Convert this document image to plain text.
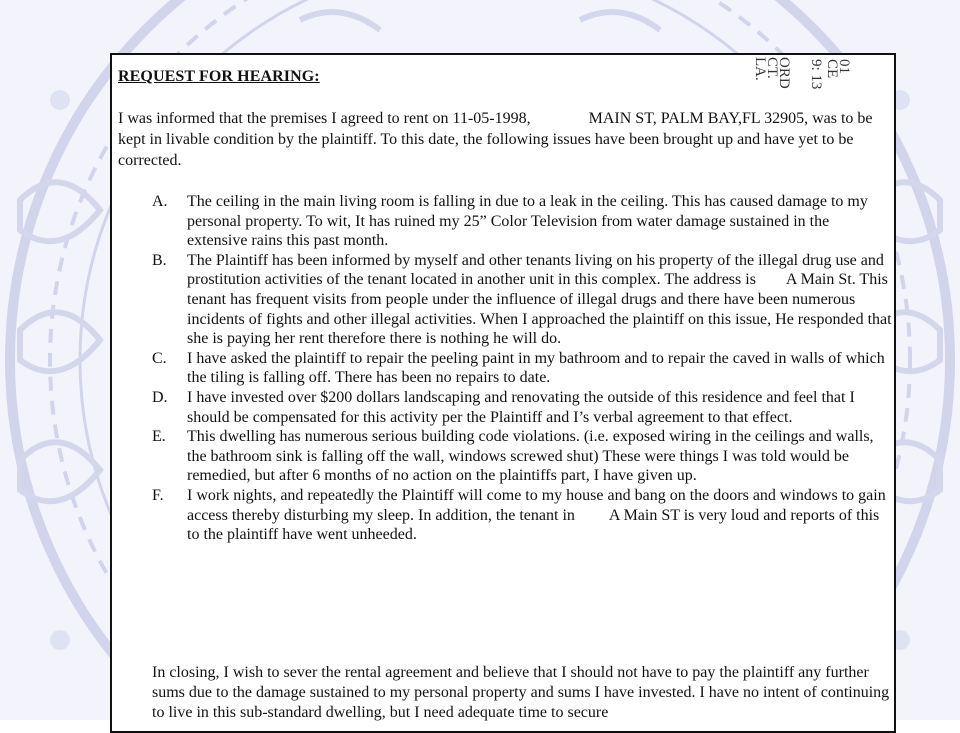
CE
01
9: 13
ORD
CT.
LA.
REQUEST FOR HEARING:

I was informed that the premises I agreed to rent on 11-05-1998,	MAIN ST, PALM BAY,FL 32905, was to be kept in livable condition by the plaintiff. To this date, the following issues have been brought up and have yet to be corrected.

A. The ceiling in the main living room is falling in due to a leak in the ceiling. This has caused damage to my personal property. To wit, It has ruined my 25” Color Television from water damage sustained in the extensive rains this past month.
B. The Plaintiff has been informed by myself and other tenants living on his property of the illegal drug use and prostitution activities of the tenant located in another unit in this complex. The address is A Main St. This tenant has frequent visits from people under the influence of illegal drugs and there have been numerous incidents of fights and other illegal activities. When I approached the plaintiff on this issue, He responded that she is paying her rent therefore there is nothing he will do.
C. I have asked the plaintiff to repair the peeling paint in my bathroom and to repair the caved in walls of which the tiling is falling off. There has been no repairs to date.
D. I have invested over $200 dollars landscaping and renovating the outside of this residence and feel that I should be compensated for this activity per the Plaintiff and I’s verbal agreement to that effect.
E. This dwelling has numerous serious building code violations. (i.e. exposed wiring in the ceilings and walls, the bathroom sink is falling off the wall, windows screwed shut) These were things I was told would be remedied, but after 6 months of no action on the plaintiffs part, I have given up.
F. I work nights, and repeatedly the Plaintiff will come to my house and bang on the doors and windows to gain access thereby disturbing my sleep. In addition, the tenant in A Main ST is very loud and reports of this to the plaintiff have went unheeded.

In closing, I wish to sever the rental agreement and believe that I should not have to pay the plaintiff any further sums due to the damage sustained to my personal property and sums I have invested. I have no intent of continuing to live in this sub-standard dwelling, but I need adequate time to secure
